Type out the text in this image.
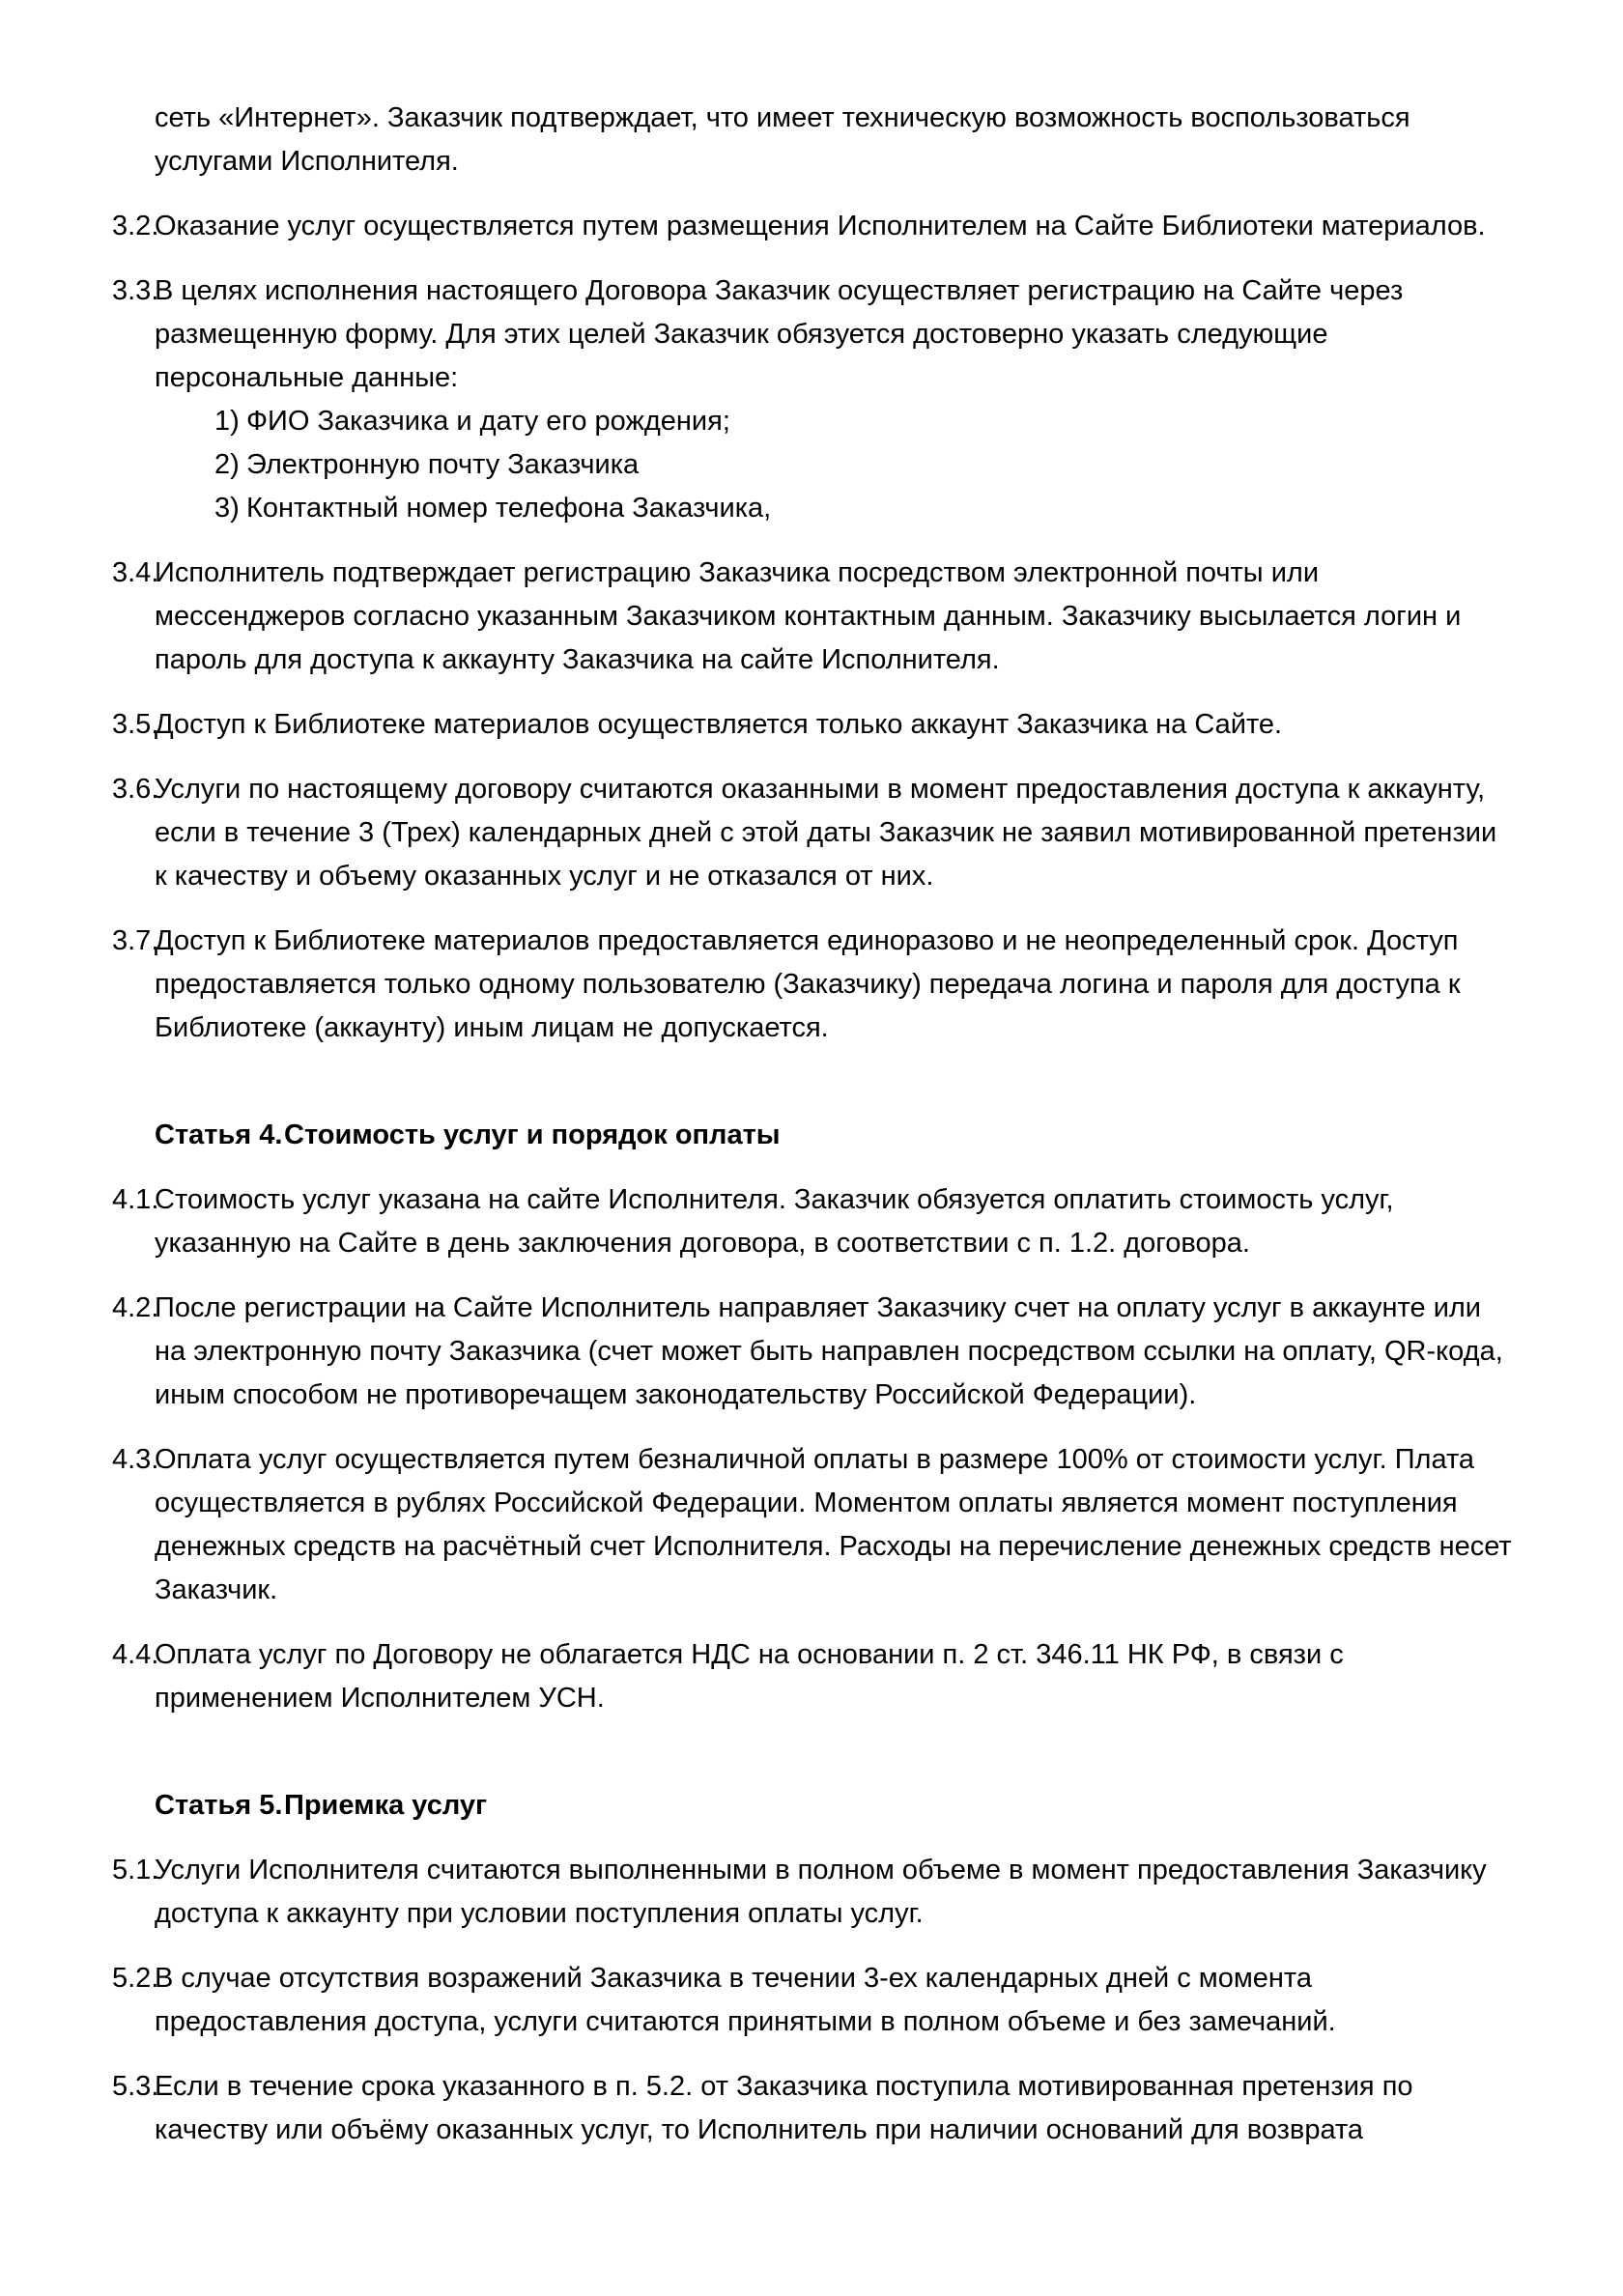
сеть «Интернет». Заказчик подтверждает, что имеет техническую возможность воспользоваться услугами Исполнителя.

3.2.
Оказание услуг осуществляется путем размещения Исполнителем на Сайте Библиотеки материалов.
3.3.
В целях исполнения настоящего Договора Заказчик осуществляет регистрацию на Сайте через размещенную форму. Для этих целей Заказчик обязуется достоверно указать следующие персональные данные:
1) ФИО Заказчика и дату его рождения;
2) Электронную почту Заказчика
3) Контактный номер телефона Заказчика,
3.4.
Исполнитель подтверждает регистрацию Заказчика посредством электронной почты или мессенджеров согласно указанным Заказчиком контактным данным. Заказчику высылается логин и пароль для доступа к аккаунту Заказчика на сайте Исполнителя.
3.5.
Доступ к Библиотеке материалов осуществляется только аккаунт Заказчика на Сайте.
3.6.
Услуги по настоящему договору считаются оказанными в момент предоставления доступа к аккаунту, если в течение 3 (Трех) календарных дней с этой даты Заказчик не заявил мотивированной претензии к качеству и объему оказанных услуг и не отказался от них.
3.7.
Доступ к Библиотеке материалов предоставляется единоразово и не неопределенный срок. Доступ предоставляется только одному пользователю (Заказчику) передача логина и пароля для доступа к Библиотеке (аккаунту) иным лицам не допускается.
Статья 4.Стоимость услуг и порядок оплаты
4.1.
Стоимость услуг указана на сайте Исполнителя. Заказчик обязуется оплатить стоимость услуг, указанную на Сайте в день заключения договора, в соответствии с п. 1.2. договора.
4.2.
После регистрации на Сайте Исполнитель направляет Заказчику счет на оплату услуг в аккаунте или на электронную почту Заказчика (счет может быть направлен посредством ссылки на оплату, QR-кода, иным способом не противоречащем законодательству Российской Федерации).
4.3.
Оплата услуг осуществляется путем безналичной оплаты в размере 100% от стоимости услуг. Плата осуществляется в рублях Российской Федерации. Моментом оплаты является момент поступления денежных средств на расчётный счет Исполнителя. Расходы на перечисление денежных средств несет Заказчик.
4.4.
Оплата услуг по Договору не облагается НДС на основании п. 2 ст. 346.11 НК РФ, в связи с применением Исполнителем УСН.
Статья 5.Приемка услуг
5.1.
Услуги Исполнителя считаются выполненными в полном объеме в момент предоставления Заказчику доступа к аккаунту при условии поступления оплаты услуг.
5.2.
В случае отсутствия возражений Заказчика в течении 3-ех календарных дней с момента предоставления доступа, услуги считаются принятыми в полном объеме и без замечаний.
5.3.
Если в течение срока указанного в п. 5.2. от Заказчика поступила мотивированная претензия по качеству или объёму оказанных услуг, то Исполнитель при наличии оснований для возврата
